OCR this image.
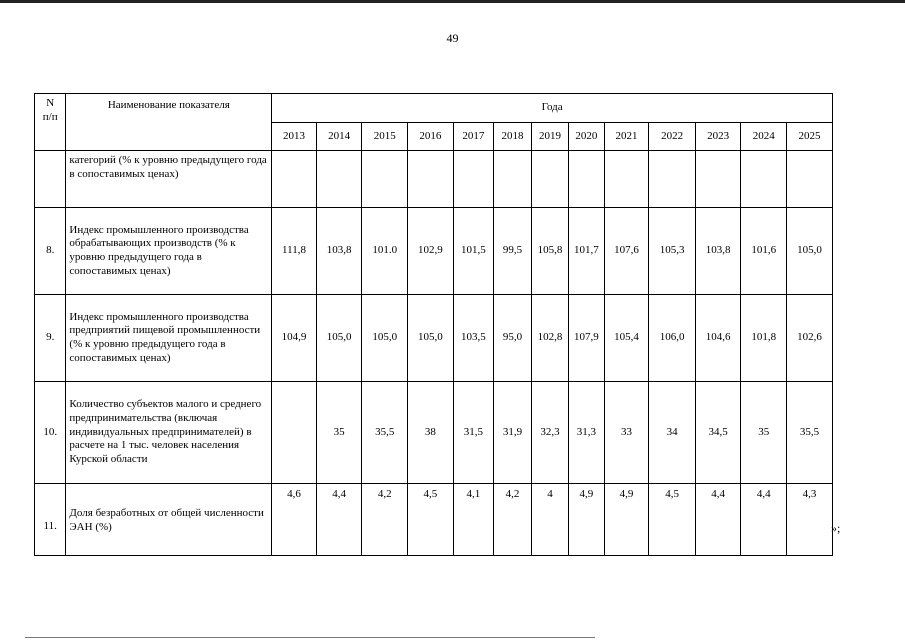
49
N
п/п	Наименование показателя	Года												
		2013	2014	2015	2016	2017	2018	2019	2020	2021	2022	2023	2024	2025
	категорий (% к уровню предыдущего года в сопоставимых ценах)													
8.	Индекс промышленного производства обрабатывающих производств (% к уровню предыдущего года в сопоставимых ценах)	111,8	103,8	101.0	102,9	101,5	99,5	105,8	101,7	107,6	105,3	103,8	101,6	105,0
9.	Индекс промышленного производства предприятий пищевой промышленности (% к уровню предыдущего года в сопоставимых ценах)	104,9	105,0	105,0	105,0	103,5	95,0	102,8	107,9	105,4	106,0	104,6	101,8	102,6
10.	Количество субъектов малого и среднего предпринимательства (включая индивидуальных предпринимателей) в расчете на 1 тыс. человек населения Курской области		35	35,5	38	31,5	31,9	32,3	31,3	33	34	34,5	35	35,5
11.	Доля безработных от общей численности ЭАН (%)	4,6	4,4	4,2	4,5	4,1	4,2	4	4,9	4,9	4,5	4,4	4,4	4,3
»;
